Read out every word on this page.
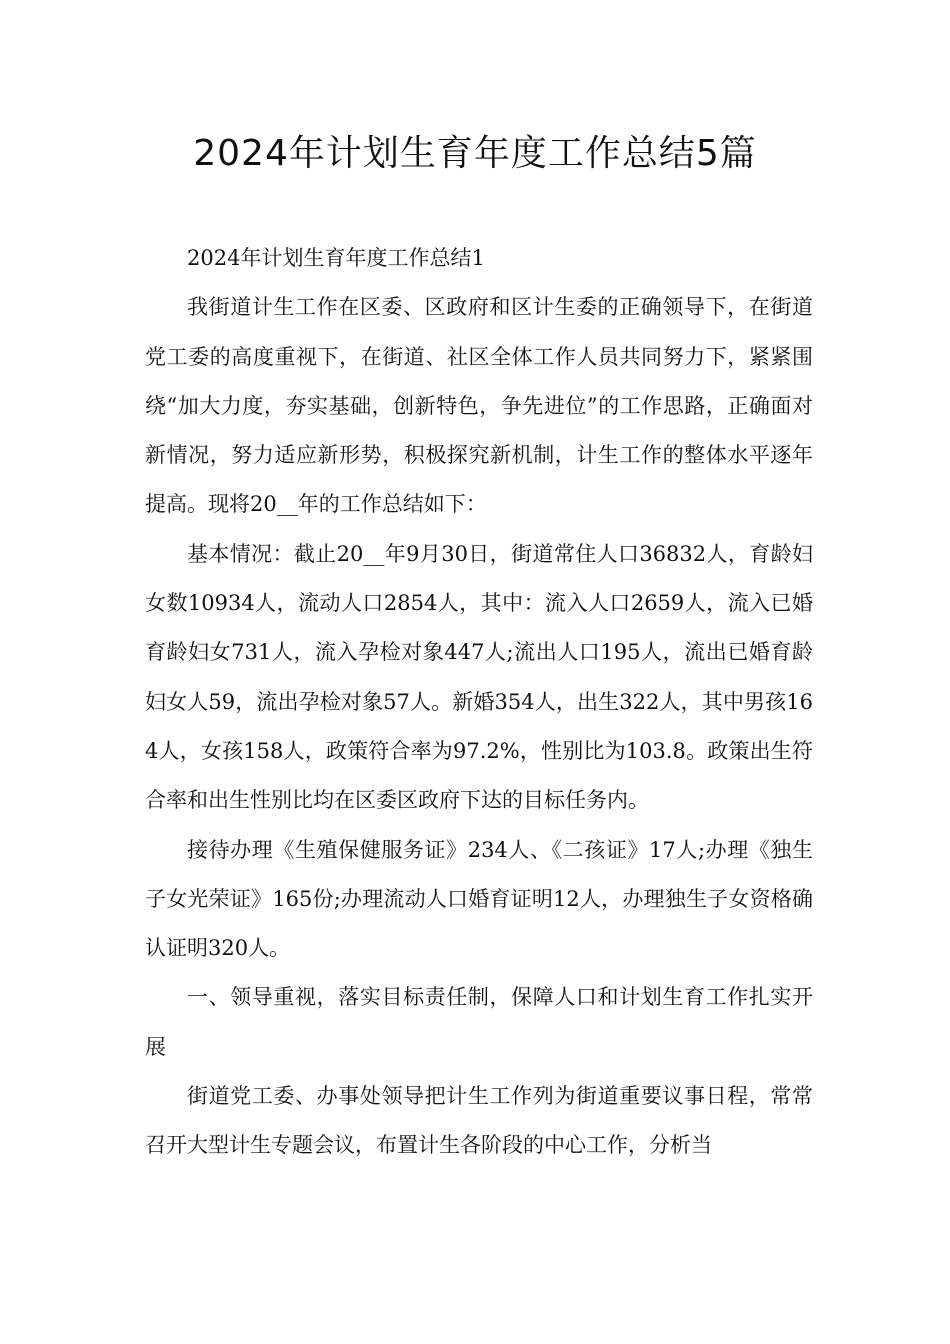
2024年计划生育年度工作总结5篇

2024年计划生育年度工作总结1

我街道计生工作在区委、区政府和区计生委的正确领导下，在街道党工委的高度重视下，在街道、社区全体工作人员共同努力下，紧紧围绕“加大力度，夯实基础，创新特色，争先进位”的工作思路，正确面对新情况，努力适应新形势，积极探究新机制，计生工作的整体水平逐年提高。现将20__年的工作总结如下：

基本情况：截止20__年9月30日，街道常住人口36832人，育龄妇女数10934人，流动人口2854人，其中：流入人口2659人，流入已婚育龄妇女731人，流入孕检对象447人;流出人口195人，流出已婚育龄妇女人59，流出孕检对象57人。新婚354人，出生322人，其中男孩164人，女孩158人，政策符合率为97.2%，性别比为103.8。政策出生符合率和出生性别比均在区委区政府下达的目标任务内。

接待办理《生殖保健服务证》234人、《二孩证》17人;办理《独生子女光荣证》165份;办理流动人口婚育证明12人，办理独生子女资格确认证明320人。

一、领导重视，落实目标责任制，保障人口和计划生育工作扎实开展

街道党工委、办事处领导把计生工作列为街道重要议事日程，常常召开大型计生专题会议，布置计生各阶段的中心工作，分析当
